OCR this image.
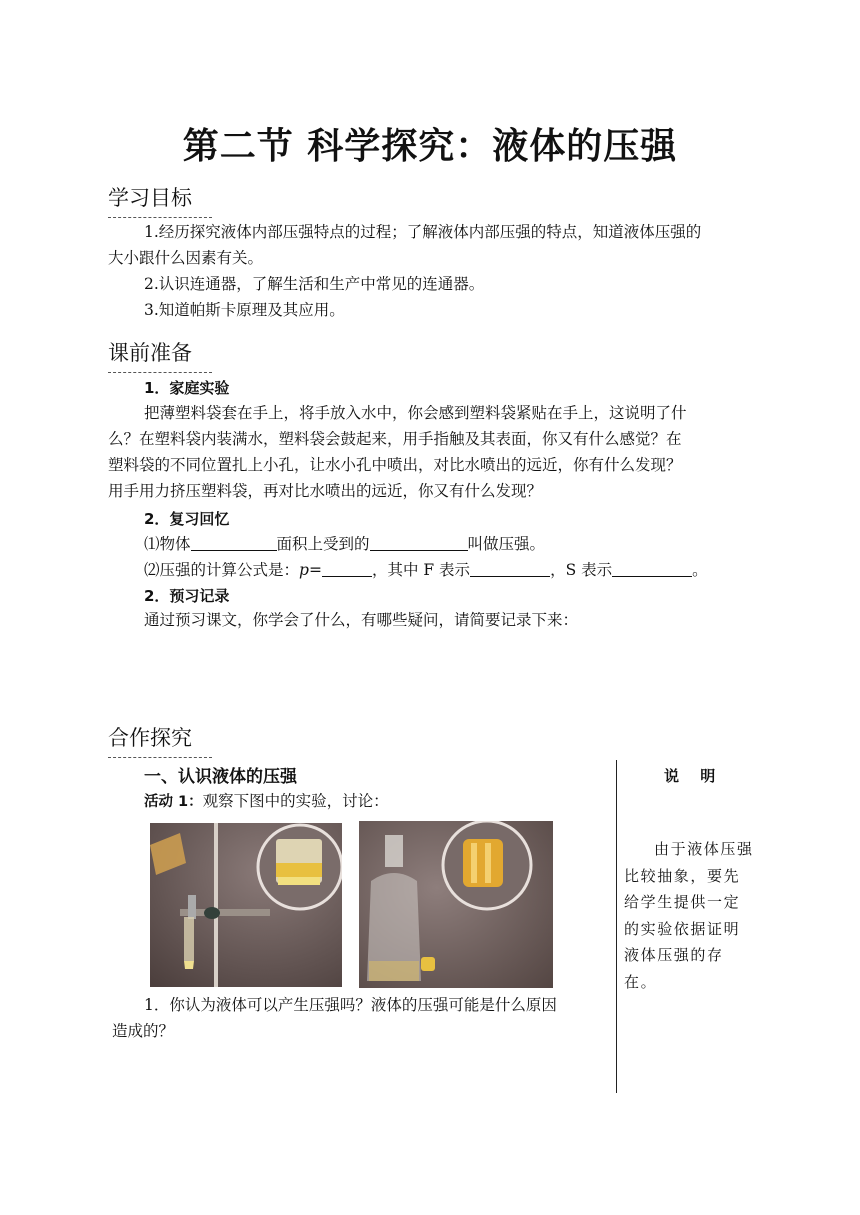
第二节 科学探究：液体的压强
学习目标
1.经历探究液体内部压强特点的过程；了解液体内部压强的特点，知道液体压强的
大小跟什么因素有关。
2.认识连通器，了解生活和生产中常见的连通器。
3.知道帕斯卡原理及其应用。
课前准备
1．家庭实验
把薄塑料袋套在手上，将手放入水中，你会感到塑料袋紧贴在手上，这说明了什
么？在塑料袋内装满水，塑料袋会鼓起来，用手指触及其表面，你又有什么感觉？在
塑料袋的不同位置扎上小孔，让水小孔中喷出，对比水喷出的远近，你有什么发现？
用手用力挤压塑料袋，再对比水喷出的远近，你又有什么发现？
2．复习回忆
⑴物体	面积上受到的	叫做压强。
⑵压强的计算公式是：p=	，其中 F 表示	，S 表示	。
2．预习记录
通过预习课文，你学会了什么，有哪些疑问，请简要记录下来：
合作探究
一、认识液体的压强
活动 1：观察下图中的实验，讨论：
1．你认为液体可以产生压强吗？液体的压强可能是什么原因
造成的？
说 明
由于液体压强比较抽象，要先给学生提供一定的实验依据证明液体压强的存在。
